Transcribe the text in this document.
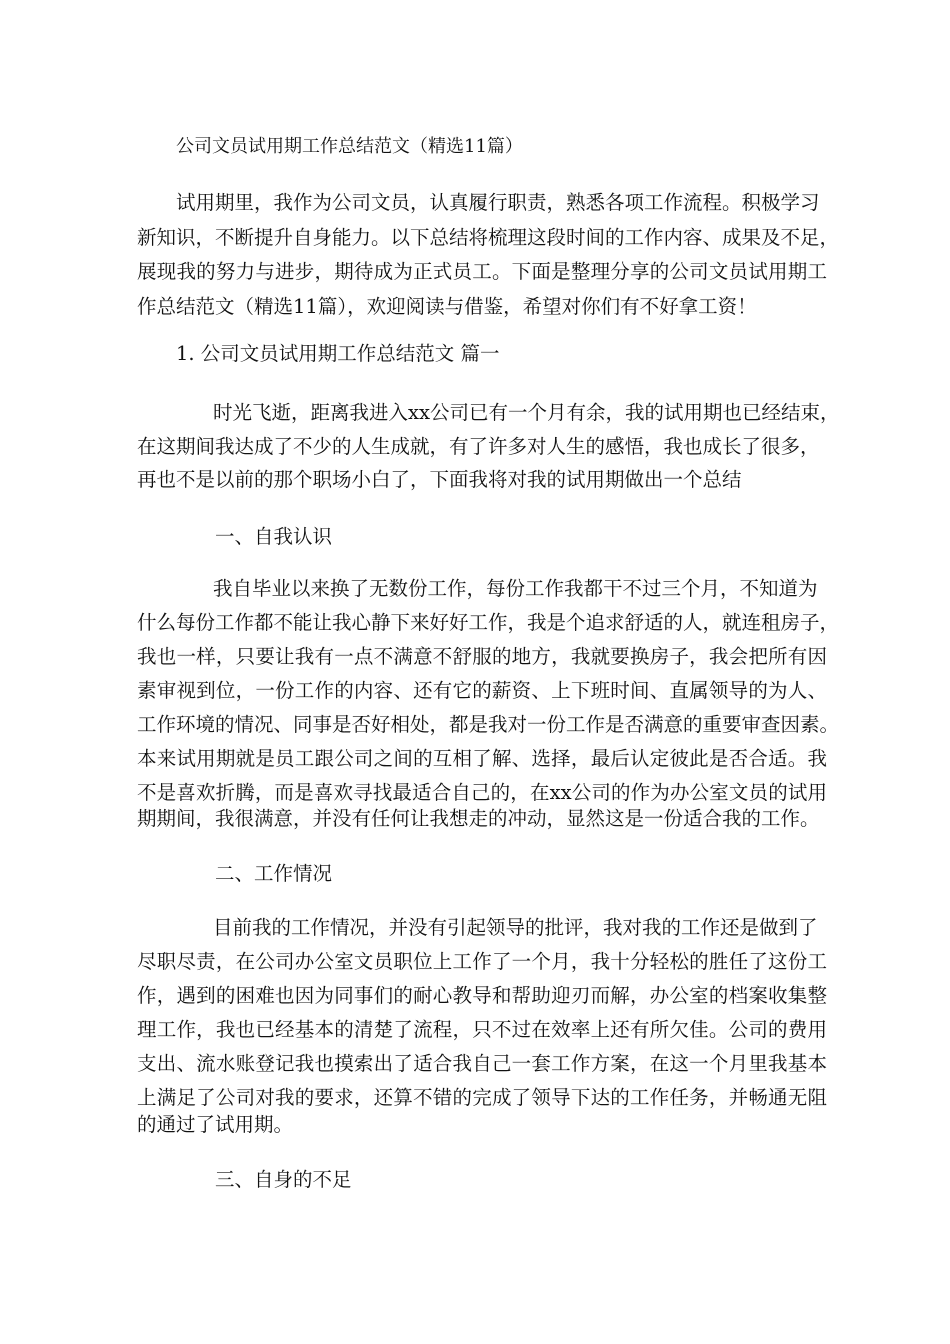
公司文员试用期工作总结范文（精选11篇）

试用期里，我作为公司文员，认真履行职责，熟悉各项工作流程。积极学习

新知识，不断提升自身能力。以下总结将梳理这段时间的工作内容、成果及不足，

展现我的努力与进步，期待成为正式员工。下面是整理分享的公司文员试用期工

作总结范文（精选11篇），欢迎阅读与借鉴，希望对你们有不好拿工资！

1. 公司文员试用期工作总结范文 篇一

时光飞逝，距离我进入xx公司已有一个月有余，我的试用期也已经结束，

在这期间我达成了不少的人生成就，有了许多对人生的感悟，我也成长了很多，

再也不是以前的那个职场小白了，下面我将对我的试用期做出一个总结

一、自我认识

我自毕业以来换了无数份工作，每份工作我都干不过三个月，不知道为

什么每份工作都不能让我心静下来好好工作，我是个追求舒适的人，就连租房子，

我也一样，只要让我有一点不满意不舒服的地方，我就要换房子，我会把所有因

素审视到位，一份工作的内容、还有它的薪资、上下班时间、直属领导的为人、

工作环境的情况、同事是否好相处，都是我对一份工作是否满意的重要审查因素。

本来试用期就是员工跟公司之间的互相了解、选择，最后认定彼此是否合适。我

不是喜欢折腾，而是喜欢寻找最适合自己的，在xx公司的作为办公室文员的试用

期期间，我很满意，并没有任何让我想走的冲动，显然这是一份适合我的工作。

二、工作情况

目前我的工作情况，并没有引起领导的批评，我对我的工作还是做到了

尽职尽责，在公司办公室文员职位上工作了一个月，我十分轻松的胜任了这份工

作，遇到的困难也因为同事们的耐心教导和帮助迎刃而解，办公室的档案收集整

理工作，我也已经基本的清楚了流程，只不过在效率上还有所欠佳。公司的费用

支出、流水账登记我也摸索出了适合我自己一套工作方案，在这一个月里我基本

上满足了公司对我的要求，还算不错的完成了领导下达的工作任务，并畅通无阻

的通过了试用期。

三、自身的不足
